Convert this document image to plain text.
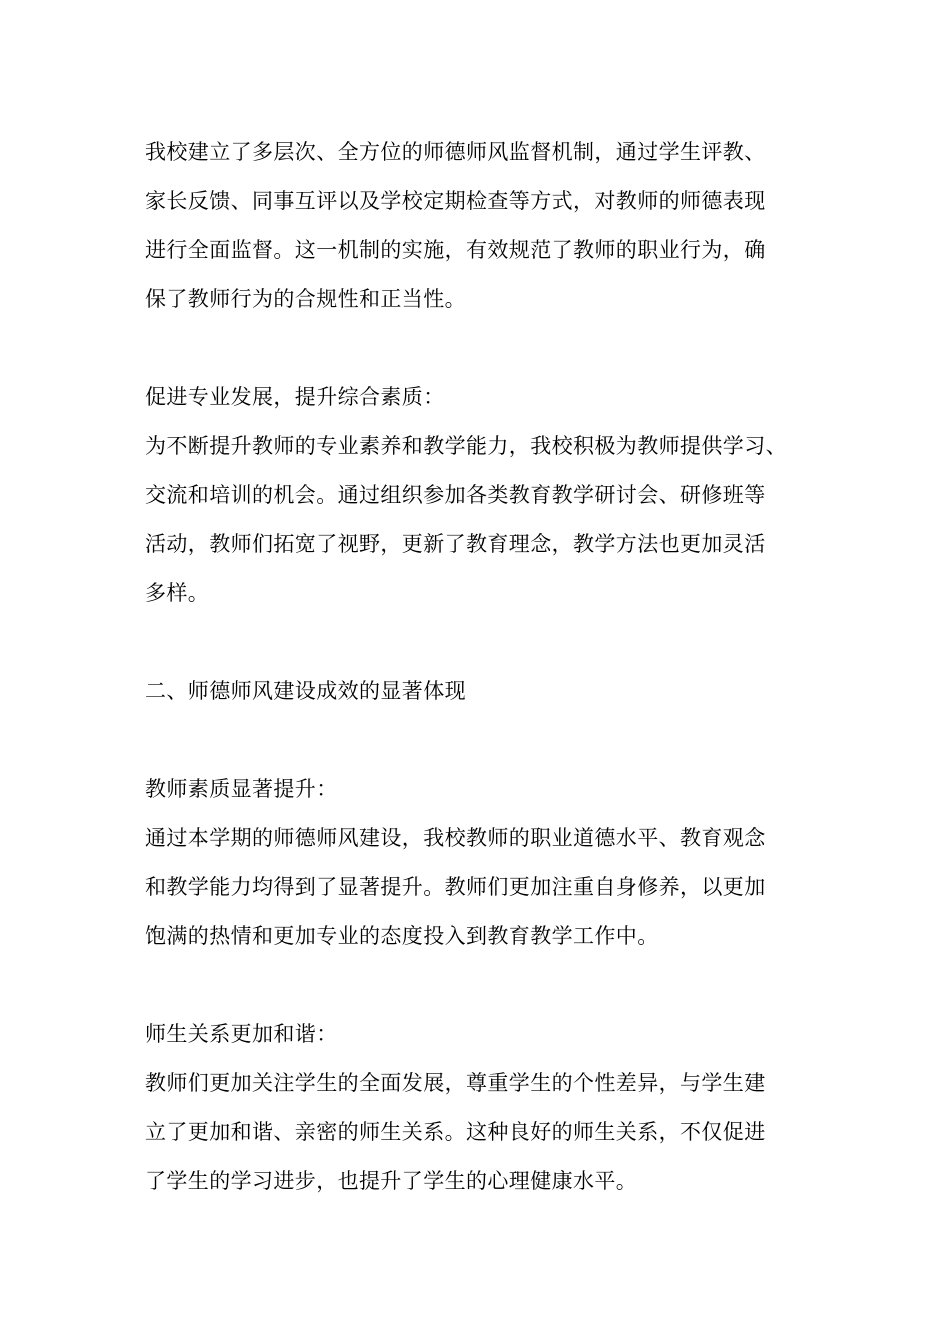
我校建立了多层次、全方位的师德师风监督机制，通过学生评教、
家长反馈、同事互评以及学校定期检查等方式，对教师的师德表现
进行全面监督。这一机制的实施，有效规范了教师的职业行为，确
保了教师行为的合规性和正当性。
促进专业发展，提升综合素质：
为不断提升教师的专业素养和教学能力，我校积极为教师提供学习、
交流和培训的机会。通过组织参加各类教育教学研讨会、研修班等
活动，教师们拓宽了视野，更新了教育理念，教学方法也更加灵活
多样。
二、师德师风建设成效的显著体现
教师素质显著提升：
通过本学期的师德师风建设，我校教师的职业道德水平、教育观念
和教学能力均得到了显著提升。教师们更加注重自身修养，以更加
饱满的热情和更加专业的态度投入到教育教学工作中。
师生关系更加和谐：
教师们更加关注学生的全面发展，尊重学生的个性差异，与学生建
立了更加和谐、亲密的师生关系。这种良好的师生关系，不仅促进
了学生的学习进步，也提升了学生的心理健康水平。
